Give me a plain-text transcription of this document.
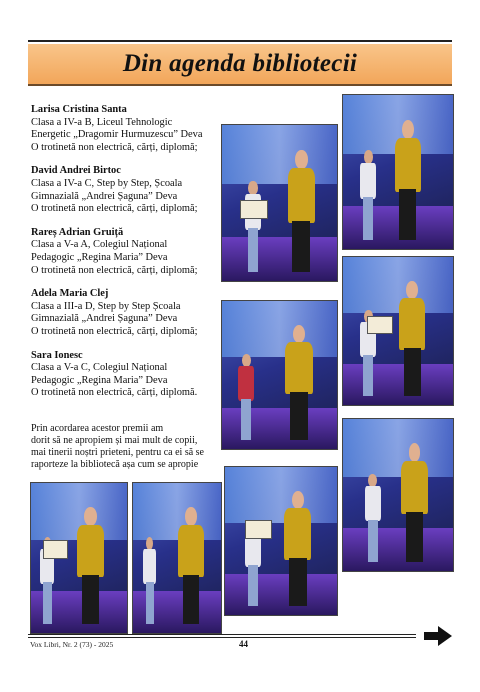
Din agenda bibliotecii
Larisa Cristina Santa
Clasa a IV-a B, Liceul Tehnologic
Energetic „Dragomir Hurmuzescu” Deva
O trotinetă non electrică, cărți, diplomă;
David Andrei Birtoc
Clasa a IV-a C, Step by Step, Școala
Gimnazială „Andrei Șaguna” Deva
O trotinetă non electrică, cărți, diplomă;
Rareș Adrian Gruiță
Clasa a V-a A, Colegiul Național
Pedagogic „Regina Maria” Deva
O trotinetă non electrică, cărți, diplomă;
Adela Maria Clej
Clasa a III-a D, Step by Step Școala
Gimnazială „Andrei Șaguna” Deva
O trotinetă non electrică, cărți, diplomă;
Sara Ionesc
Clasa a V-a C, Colegiul Național
Pedagogic „Regina Maria” Deva
O trotinetă non electrică, cărți, diplomă.
Prin acordarea acestor premii am
dorit să ne apropiem și mai mult de copii,
mai tinerii noștri prieteni, pentru ca ei să se
raporteze la bibliotecă așa cum se apropie
Vox Libri, Nr. 2 (73) - 2025	44
